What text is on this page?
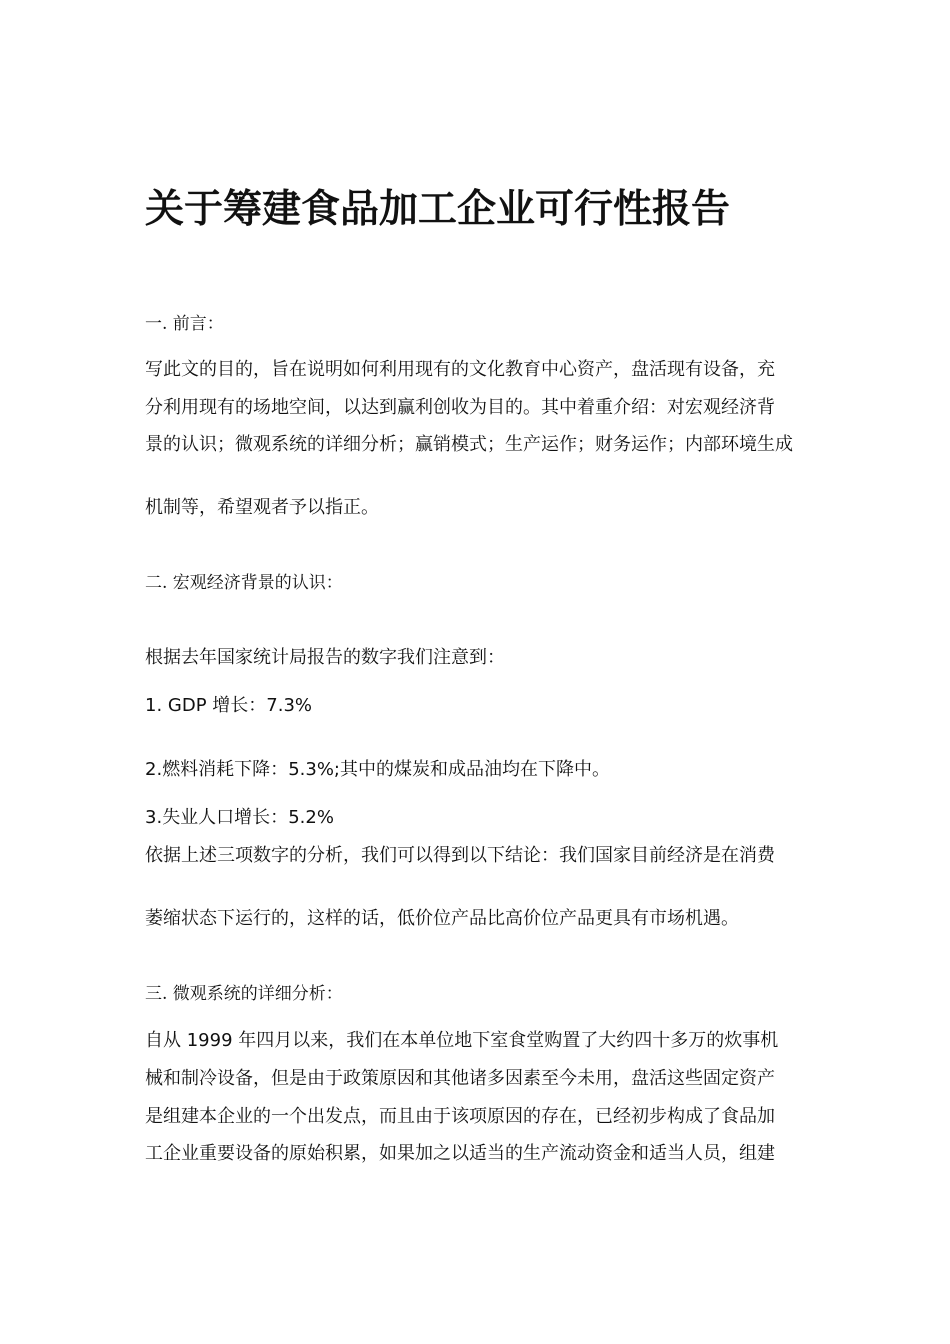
关于筹建食品加工企业可行性报告
一. 前言：
写此文的目的，旨在说明如何利用现有的文化教育中心资产，盘活现有设备，充
分利用现有的场地空间，以达到赢利创收为目的。其中着重介绍：对宏观经济背
景的认识；微观系统的详细分析；赢销模式；生产运作；财务运作；内部环境生成
机制等，希望观者予以指正。
二. 宏观经济背景的认识：
根据去年国家统计局报告的数字我们注意到：
1. GDP 增长：7.3%
2.燃料消耗下降：5.3%;其中的煤炭和成品油均在下降中。
3.失业人口增长：5.2%
依据上述三项数字的分析，我们可以得到以下结论：我们国家目前经济是在消费
萎缩状态下运行的，这样的话，低价位产品比高价位产品更具有市场机遇。
三. 微观系统的详细分析：
自从 1999 年四月以来，我们在本单位地下室食堂购置了大约四十多万的炊事机
械和制冷设备，但是由于政策原因和其他诸多因素至今未用，盘活这些固定资产
是组建本企业的一个出发点，而且由于该项原因的存在，已经初步构成了食品加
工企业重要设备的原始积累，如果加之以适当的生产流动资金和适当人员，组建
